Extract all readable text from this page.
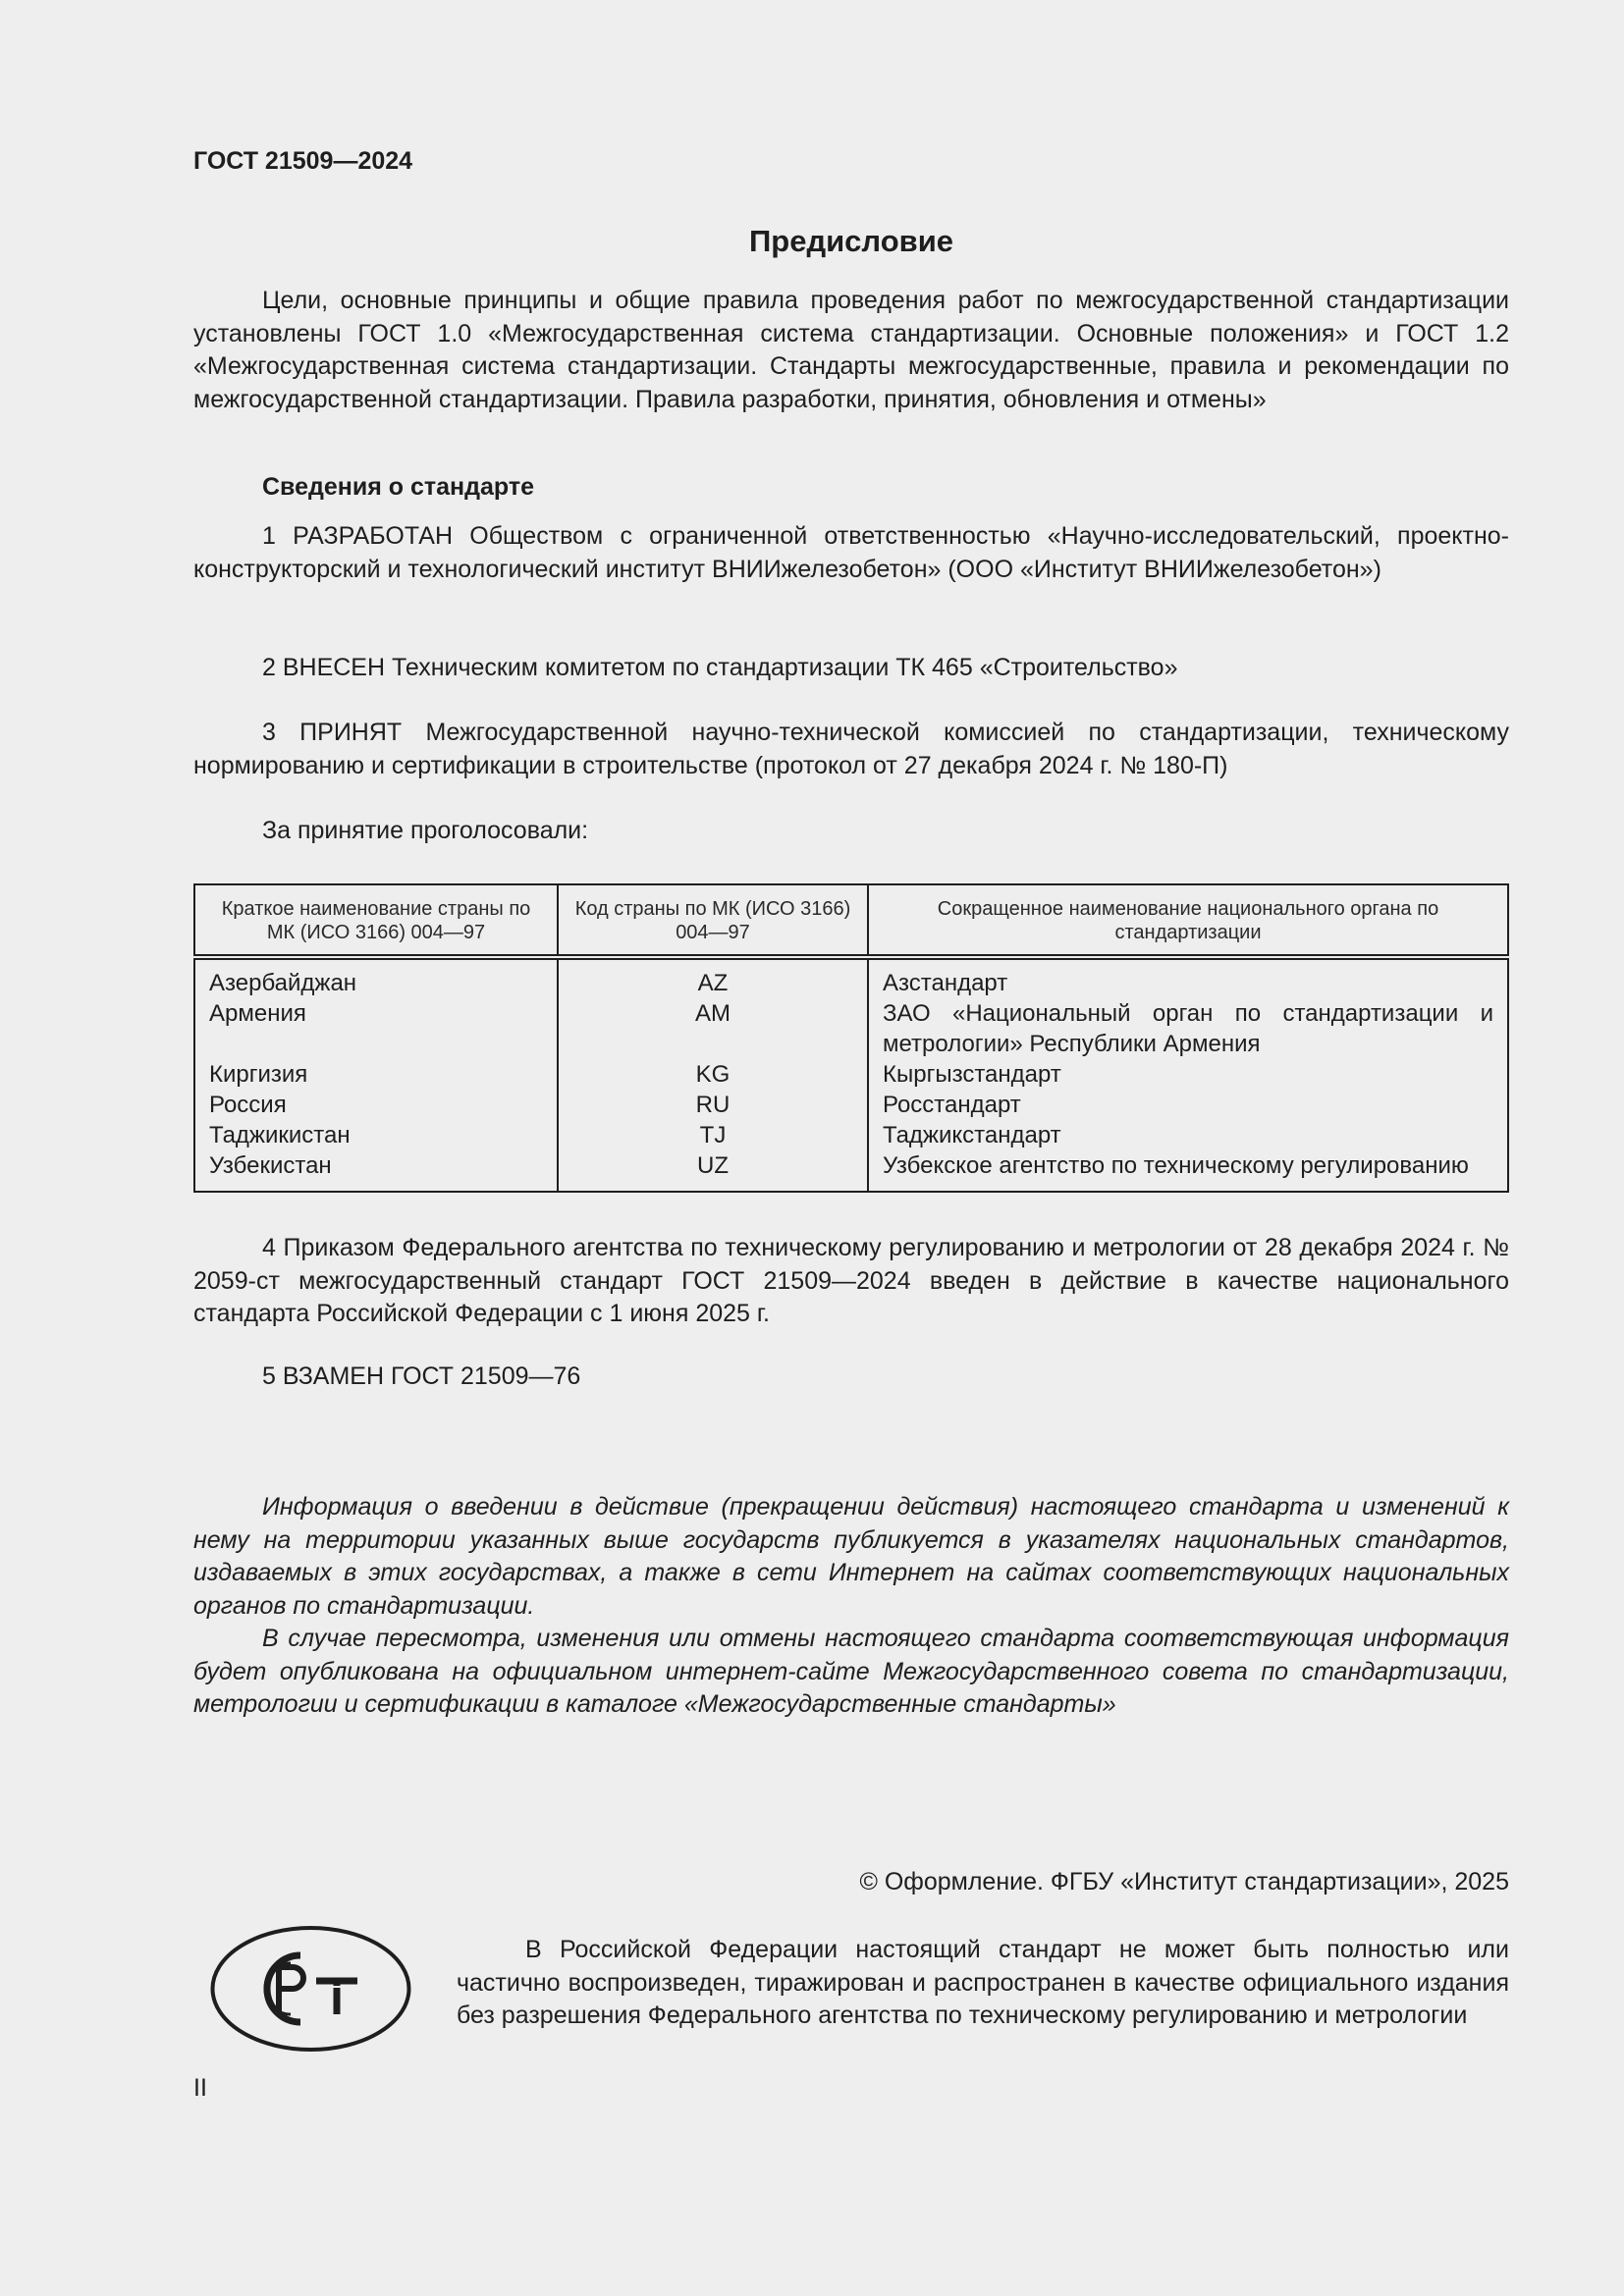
ГОСТ 21509—2024
Предисловие

Цели, основные принципы и общие правила проведения работ по межгосударственной стандартизации установлены ГОСТ 1.0 «Межгосударственная система стандартизации. Основные положения» и ГОСТ 1.2 «Межгосударственная система стандартизации. Стандарты межгосударственные, правила и рекомендации по межгосударственной стандартизации. Правила разработки, принятия, обновления и отмены»

Сведения о стандарте

1 РАЗРАБОТАН Обществом с ограниченной ответственностью «Научно-исследовательский, проектно-конструкторский и технологический институт ВНИИжелезобетон» (ООО «Институт ВНИИжелезобетон»)

2 ВНЕСЕН Техническим комитетом по стандартизации ТК 465 «Строительство»

3 ПРИНЯТ Межгосударственной научно-технической комиссией по стандартизации, техническому нормированию и сертификации в строительстве (протокол от 27 декабря 2024 г. № 180-П)

За принятие проголосовали:
Краткое наименование страны по МК (ИСО 3166) 004—97	Код страны по МК (ИСО 3166) 004—97	Сокращенное наименование национального органа по стандартизации
Азербайджан	AZ	Азстандарт
Армения	AM	ЗАО «Национальный орган по стандартизации и метрологии» Республики Армения
Киргизия	KG	Кыргызстандарт
Россия	RU	Росстандарт
Таджикистан	TJ	Таджикстандарт
Узбекистан	UZ	Узбекское агентство по техническому регулированию

4 Приказом Федерального агентства по техническому регулированию и метрологии от 28 декабря 2024 г. № 2059-ст межгосударственный стандарт ГОСТ 21509—2024 введен в действие в качестве национального стандарта Российской Федерации с 1 июня 2025 г.

5 ВЗАМЕН ГОСТ 21509—76

Информация о введении в действие (прекращении действия) настоящего стандарта и изменений к нему на территории указанных выше государств публикуется в указателях национальных стандартов, издаваемых в этих государствах, а также в сети Интернет на сайтах соответствующих национальных органов по стандартизации.

В случае пересмотра, изменения или отмены настоящего стандарта соответствующая информация будет опубликована на официальном интернет-сайте Межгосударственного совета по стандартизации, метрологии и сертификации в каталоге «Межгосударственные стандарты»

© Оформление. ФГБУ «Институт стандартизации», 2025

В Российской Федерации настоящий стандарт не может быть полностью или частично воспроизведен, тиражирован и распространен в качестве официального издания без разрешения Федерального агентства по техническому регулированию и метрологии

II
